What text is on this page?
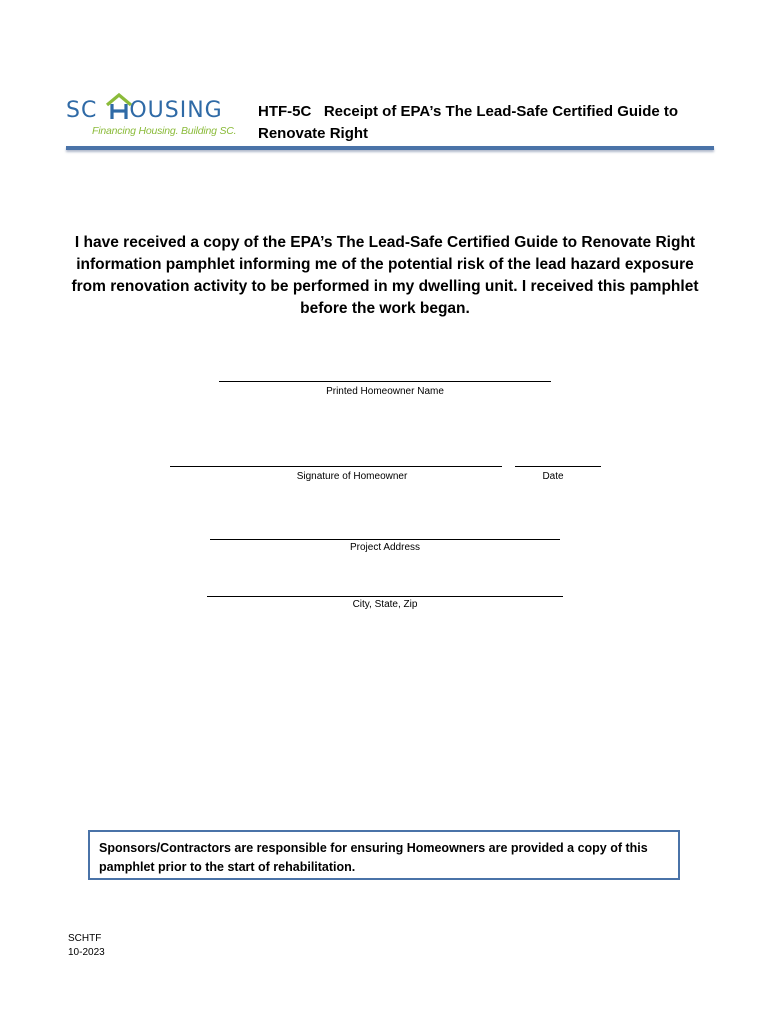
SC OUSING
Financing Housing. Building SC.
HTF-5C   Receipt of EPA’s The Lead-Safe Certified Guide to
Renovate Right
I have received a copy of the EPA’s The Lead-Safe Certified Guide to Renovate Right information pamphlet informing me of the potential risk of the lead hazard exposure from renovation activity to be performed in my dwelling unit. I received this pamphlet before the work began.
Printed Homeowner Name
Signature of Homeowner	Date
Project Address
City, State, Zip
Sponsors/Contractors are responsible for ensuring Homeowners are provided a copy of this pamphlet prior to the start of rehabilitation.
SCHTF
10-2023
